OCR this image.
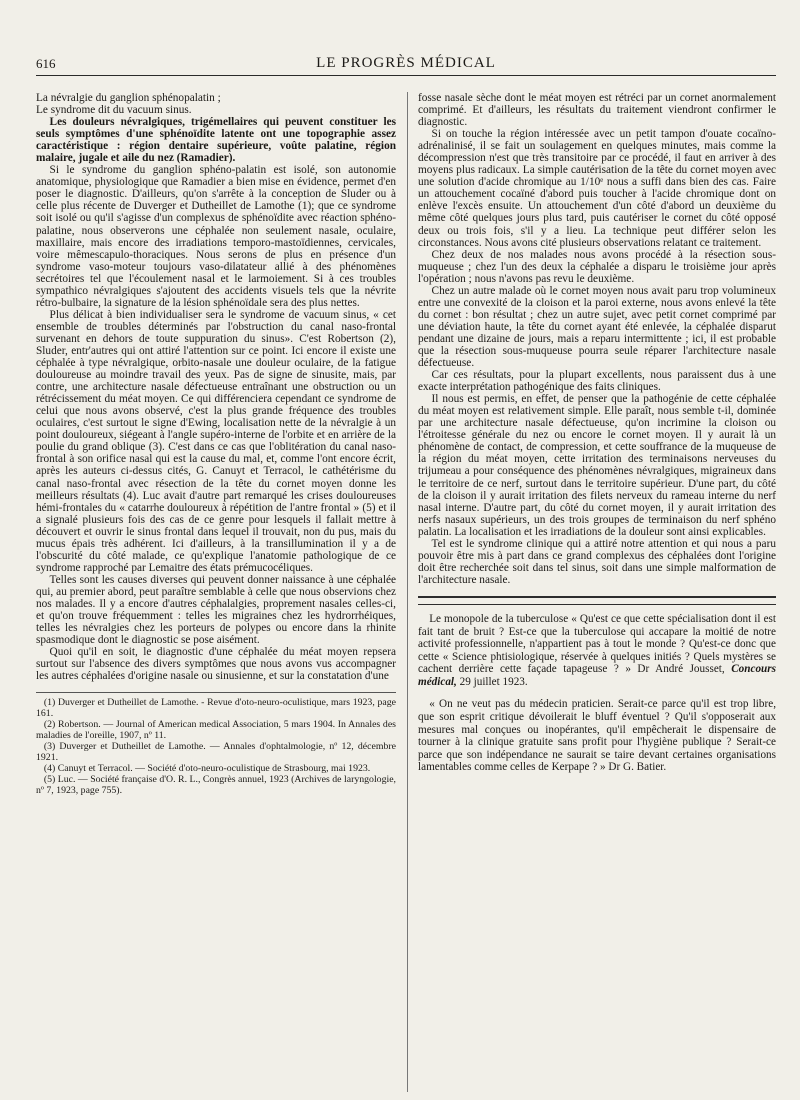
616	LE PROGRÈS MÉDICAL

La névralgie du ganglion sphénopalatin ;

Le syndrome dit du vacuum sinus.

Les douleurs névralgiques, trigémellaires qui peuvent constituer les seuls symptômes d'une sphénoïdite latente ont une topographie assez caractéristique : région dentaire supérieure, voûte palatine, région malaire, jugale et aile du nez (Ramadier).

Si le syndrome du ganglion sphéno-palatin est isolé, son autonomie anatomique, physiologique que Ramadier a bien mise en évidence, permet d'en poser le diagnostic. D'ailleurs, qu'on s'arrête à la conception de Sluder ou à celle plus récente de Duverger et Dutheillet de Lamothe (1); que ce syndrome soit isolé ou qu'il s'agisse d'un complexus de sphénoïdite avec réaction sphéno-palatine, nous observerons une céphalée non seulement nasale, oculaire, maxillaire, mais encore des irradiations temporo-mastoïdiennes, cervicales, voire mêmescapulo-thoraciques. Nous serons de plus en présence d'un syndrome vaso-moteur toujours vaso-dilatateur allié à des phénomènes secrétoires tel que l'écoulement nasal et le larmoiement. Si à ces troubles sympathico névralgiques s'ajoutent des accidents visuels tels que la névrite rétro-bulbaire, la signature de la lésion sphénoïdale sera des plus nettes.

Plus délicat à bien individualiser sera le syndrome de vacuum sinus, « cet ensemble de troubles déterminés par l'obstruction du canal naso-frontal survenant en dehors de toute suppuration du sinus». C'est Robertson (2), Sluder, entr'autres qui ont attiré l'attention sur ce point. Ici encore il existe une céphalée à type névralgique, orbito-nasale une douleur oculaire, de la fatigue douloureuse au moindre travail des yeux. Pas de signe de sinusite, mais, par contre, une architecture nasale défectueuse entraînant une obstruction ou un rétrécissement du méat moyen. Ce qui différenciera cependant ce syndrome de celui que nous avons observé, c'est la plus grande fréquence des troubles oculaires, c'est surtout le signe d'Ewing, localisation nette de la névralgie à un point douloureux, siégeant à l'angle supéro-interne de l'orbite et en arrière de la poulie du grand oblique (3). C'est dans ce cas que l'oblitération du canal naso-frontal à son orifice nasal qui est la cause du mal, et, comme l'ont encore écrit, après les auteurs ci-dessus cités, G. Canuyt et Terracol, le cathétérisme du canal naso-frontal avec résection de la tête du cornet moyen donne les meilleurs résultats (4). Luc avait d'autre part remarqué les crises douloureuses hémi-frontales du « catarrhe douloureux à répétition de l'antre frontal » (5) et il a signalé plusieurs fois des cas de ce genre pour lesquels il fallait mettre à découvert et ouvrir le sinus frontal dans lequel il trouvait, non du pus, mais du mucus épais très adhérent. Ici d'ailleurs, à la transillumination il y a de l'obscurité du côté malade, ce qu'explique l'anatomie pathologique de ce syndrome rapproché par Lemaitre des états prémucocéliques.

Telles sont les causes diverses qui peuvent donner naissance à une céphalée qui, au premier abord, peut paraître semblable à celle que nous observions chez nos malades. Il y a encore d'autres céphalalgies, proprement nasales celles-ci, et qu'on trouve fréquemment : telles les migraines chez les hydrorrhéiques, telles les névralgies chez les porteurs de polypes ou encore dans la rhinite spasmodique dont le diagnostic se pose aisément.

Quoi qu'il en soit, le diagnostic d'une céphalée du méat moyen repsera surtout sur l'absence des divers symptômes que nous avons vus accompagner les autres céphalées d'origine nasale ou sinusienne, et sur la constatation d'une

(1) Duverger et Dutheillet de Lamothe. - Revue d'oto-neuro-oculistique, mars 1923, page 161.

(2) Robertson. — Journal of American medical Association, 5 mars 1904. In Annales des maladies de l'oreille, 1907, nº 11.

(3) Duverger et Dutheillet de Lamothe. — Annales d'ophtalmologie, nº 12, décembre 1921.

(4) Canuyt et Terracol. — Société d'oto-neuro-oculistique de Strasbourg, mai 1923.

(5) Luc. — Société française d'O. R. L., Congrès annuel, 1923 (Archives de laryngologie, nº 7, 1923, page 755).

fosse nasale sèche dont le méat moyen est rétréci par un cornet anormalement comprimé. Et d'ailleurs, les résultats du traitement viendront confirmer le diagnostic.

Si on touche la région intéressée avec un petit tampon d'ouate cocaïno-adrénalinisé, il se fait un soulagement en quelques minutes, mais comme la décompression n'est que très transitoire par ce procédé, il faut en arriver à des moyens plus radicaux. La simple cautérisation de la tête du cornet moyen avec une solution d'acide chromique au 1/10ᵉ nous a suffi dans bien des cas. Faire un attouchement cocaïné d'abord puis toucher à l'acide chromique dont on enlève l'excès ensuite. Un attouchement d'un côté d'abord un deuxième du même côté quelques jours plus tard, puis cautériser le cornet du côté opposé deux ou trois fois, s'il y a lieu. La technique peut différer selon les circonstances. Nous avons cité plusieurs observations relatant ce traitement.

Chez deux de nos malades nous avons procédé à la résection sous-muqueuse ; chez l'un des deux la céphalée a disparu le troisième jour après l'opération ; nous n'avons pas revu le deuxième.

Chez un autre malade où le cornet moyen nous avait paru trop volumineux entre une convexité de la cloison et la paroi externe, nous avons enlevé la tête du cornet : bon résultat ; chez un autre sujet, avec petit cornet comprimé par une déviation haute, la tête du cornet ayant été enlevée, la céphalée disparut pendant une dizaine de jours, mais a reparu intermittente ; ici, il est probable que la résection sous-muqueuse pourra seule réparer l'architecture nasale défectueuse.

Car ces résultats, pour la plupart excellents, nous paraissent dus à une exacte interprétation pathogénique des faits cliniques.

Il nous est permis, en effet, de penser que la pathogénie de cette céphalée du méat moyen est relativement simple. Elle paraît, nous semble t-il, dominée par une architecture nasale défectueuse, qu'on incrimine la cloison ou l'étroitesse générale du nez ou encore le cornet moyen. Il y aurait là un phénomène de contact, de compression, et cette souffrance de la muqueuse de la région du méat moyen, cette irritation des terminaisons nerveuses du trijumeau a pour conséquence des phénomènes névralgiques, migraineux dans le territoire de ce nerf, surtout dans le territoire supérieur. D'une part, du côté de la cloison il y aurait irritation des filets nerveux du rameau interne du nerf nasal interne. D'autre part, du côté du cornet moyen, il y aurait irritation des nerfs nasaux supérieurs, un des trois groupes de terminaison du nerf sphéno palatin. La localisation et les irradiations de la douleur sont ainsi explicables.

Tel est le syndrome clinique qui a attiré notre attention et qui nous a paru pouvoir être mis à part dans ce grand complexus des céphalées dont l'origine doit être recherchée soit dans tel sinus, soit dans une simple malformation de l'architecture nasale.

Le monopole de la tuberculose « Qu'est ce que cette spécialisation dont il est fait tant de bruit ? Est-ce que la tuberculose qui accapare la moitié de notre activité professionnelle, n'appartient pas à tout le monde ? Qu'est-ce donc que cette « Science phtisiologique, réservée à quelques initiés ? Quels mystères se cachent derrière cette façade tapageuse ? » Dr André Jousset, Concours médical, 29 juillet 1923.

« On ne veut pas du médecin praticien. Serait-ce parce qu'il est trop libre, que son esprit critique dévoilerait le bluff éventuel ? Qu'il s'opposerait aux mesures mal conçues ou inopérantes, qu'il empêcherait le dispensaire de tourner à la clinique gratuite sans profit pour l'hygiène publique ? Serait-ce parce que son indépendance ne saurait se taire devant certaines organisations lamentables comme celles de Kerpape ? » Dr G. Batier.
